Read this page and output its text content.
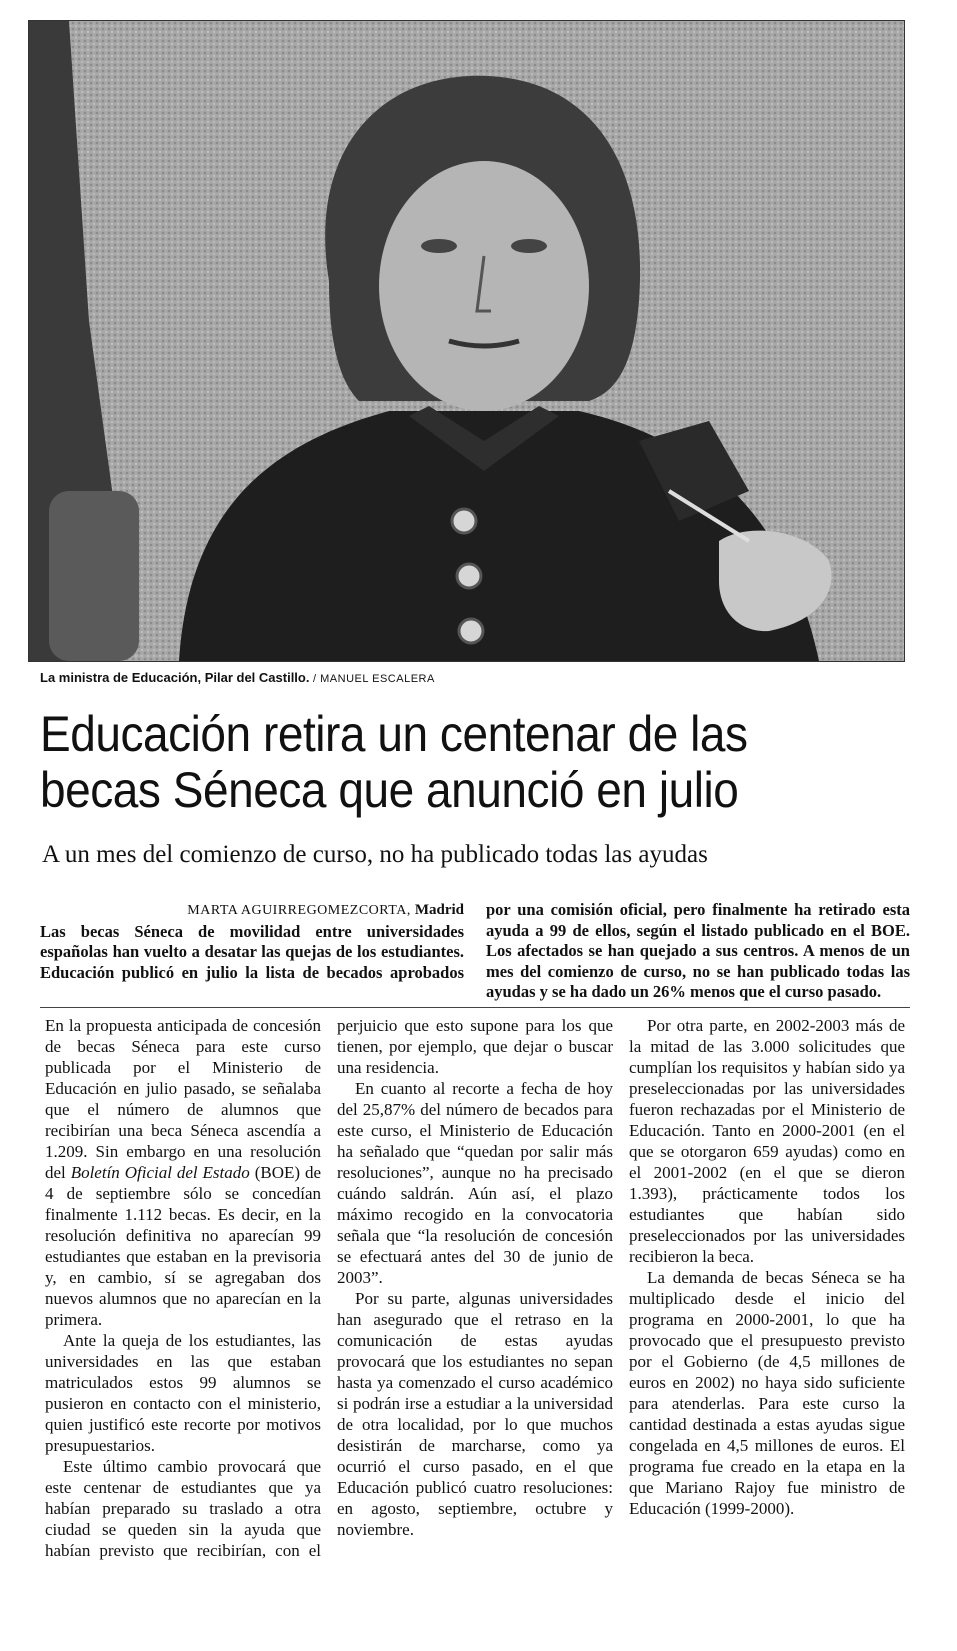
La ministra de Educación, Pilar del Castillo. / MANUEL ESCALERA
Educación retira un centenar de las
becas Séneca que anunció en julio
A un mes del comienzo de curso, no ha publicado todas las ayudas
MARTA AGUIRREGOMEZCORTA, Madrid
Las becas Séneca de movilidad entre universidades españolas han vuelto a desatar las quejas de los estudiantes. Educación publicó en julio la lista de becados aprobados por una comisión oficial, pero finalmente ha retirado esta ayuda a 99 de ellos, según el listado publicado en el BOE. Los afectados se han quejado a sus centros. A menos de un mes del comienzo de curso, no se han publicado todas las ayudas y se ha dado un 26% menos que el curso pasado.

En la propuesta anticipada de concesión de becas Séneca para este curso publicada por el Ministerio de Educación en julio pasado, se señalaba que el número de alumnos que recibirían una beca Séneca ascendía a 1.209. Sin embargo en una resolución del Boletín Oficial del Estado (BOE) de 4 de septiembre sólo se concedían finalmente 1.112 becas. Es decir, en la resolución definitiva no aparecían 99 estudiantes que estaban en la previsoria y, en cambio, sí se agregaban dos nuevos alumnos que no aparecían en la primera.

Ante la queja de los estudiantes, las universidades en las que estaban matriculados estos 99 alumnos se pusieron en contacto con el ministerio, quien justificó este recorte por motivos presupuestarios.

Este último cambio provocará que este centenar de estudiantes que ya habían preparado su traslado a otra ciudad se queden sin la ayuda que habían previsto que recibirían, con el perjuicio que esto supone para los que tienen, por ejemplo, que dejar o buscar una residencia.

En cuanto al recorte a fecha de hoy del 25,87% del número de becados para este curso, el Ministerio de Educación ha señalado que “quedan por salir más resoluciones”, aunque no ha precisado cuándo saldrán. Aún así, el plazo máximo recogido en la convocatoria señala que “la resolución de concesión se efectuará antes del 30 de junio de 2003”.

Por su parte, algunas universidades han asegurado que el retraso en la comunicación de estas ayudas provocará que los estudiantes no sepan hasta ya comenzado el curso académico si podrán irse a estudiar a la universidad de otra localidad, por lo que muchos desistirán de marcharse, como ya ocurrió el curso pasado, en el que Educación publicó cuatro resoluciones: en agosto, septiembre, octubre y noviembre.

Por otra parte, en 2002-2003 más de la mitad de las 3.000 solicitudes que cumplían los requisitos y habían sido ya preseleccionadas por las universidades fueron rechazadas por el Ministerio de Educación. Tanto en 2000-2001 (en el que se otorgaron 659 ayudas) como en el 2001-2002 (en el que se dieron 1.393), prácticamente todos los estudiantes que habían sido preseleccionados por las universidades recibieron la beca.

La demanda de becas Séneca se ha multiplicado desde el inicio del programa en 2000-2001, lo que ha provocado que el presupuesto previsto por el Gobierno (de 4,5 millones de euros en 2002) no haya sido suficiente para atenderlas. Para este curso la cantidad destinada a estas ayudas sigue congelada en 4,5 millones de euros. El programa fue creado en la etapa en la que Mariano Rajoy fue ministro de Educación (1999-2000).
